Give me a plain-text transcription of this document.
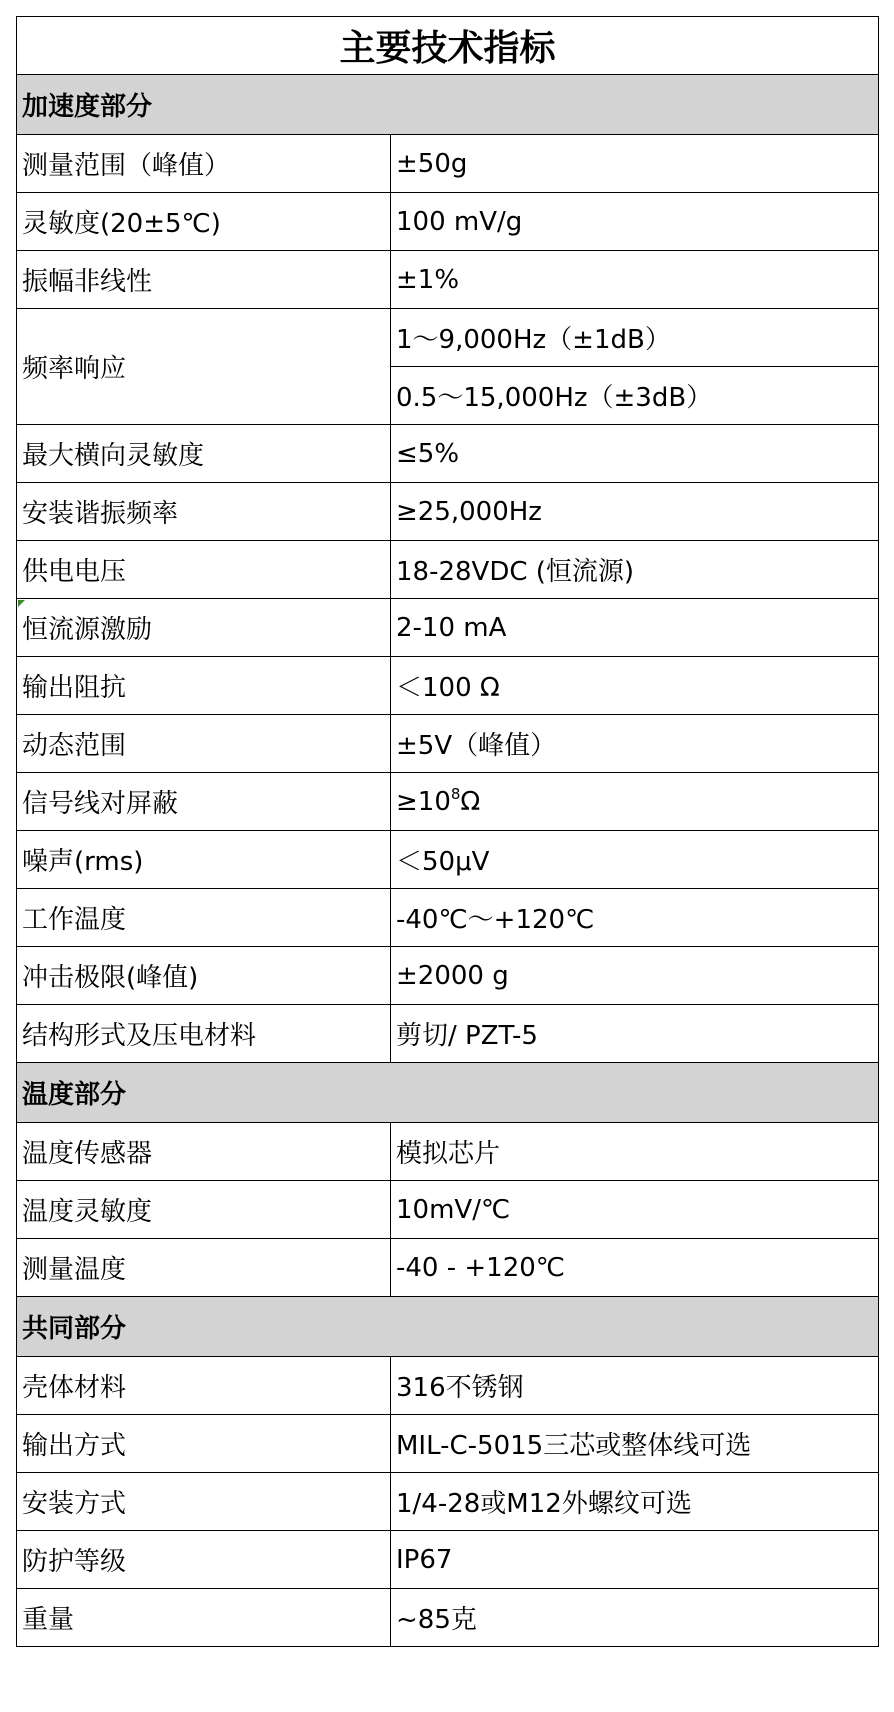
主要技术指标	
加速度部分	
测量范围（峰值）	±50g
灵敏度(20±5℃)	100 mV/g
振幅非线性	±1%
频率响应	1～9,000Hz（±1dB）
	0.5～15,000Hz（±3dB）
最大横向灵敏度	≤5%
安装谐振频率	≥25,000Hz
供电电压	18-28VDC (恒流源)
恒流源激励	2-10 mA
输出阻抗	＜100 Ω
动态范围	±5V（峰值）
信号线对屏蔽	$\ge 10^8\Omega$
噪声(rms)	＜50μV
工作温度	-40℃～+120℃
冲击极限(峰值)	±2000 g
结构形式及压电材料	剪切/ PZT-5
温度部分	
温度传感器	模拟芯片
温度灵敏度	10mV/℃
测量温度	-40 - +120℃
共同部分	
壳体材料	316不锈钢
输出方式	MIL-C-5015三芯或整体线可选
安装方式	1/4-28或M12外螺纹可选
防护等级	IP67
重量	~85克
